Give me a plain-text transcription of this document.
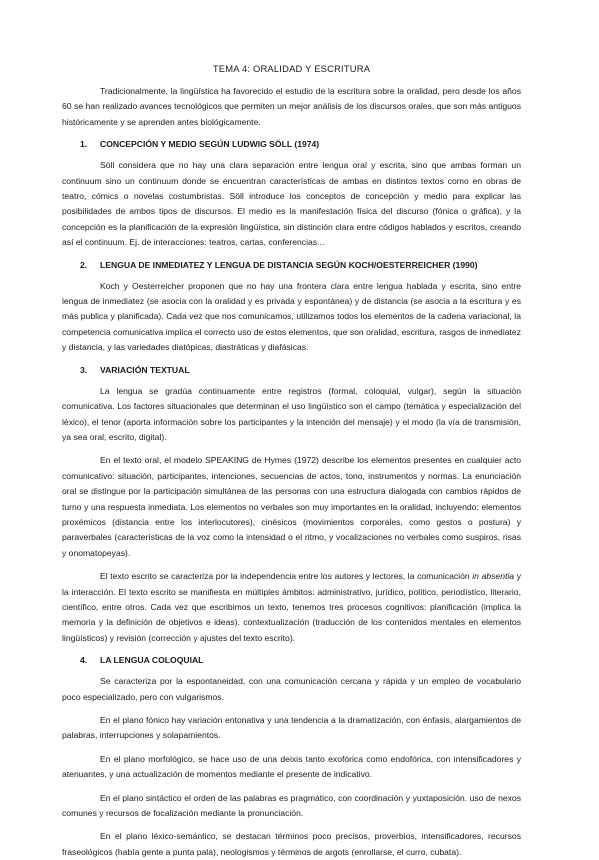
TEMA 4: ORALIDAD Y ESCRITURA

Tradicionalmente, la lingüística ha favorecido el estudio de la escritura sobre la oralidad, pero desde los años 60 se han realizado avances tecnológicos que permiten un mejor análisis de los discursos orales, que son más antiguos históricamente y se aprenden antes biológicamente.

1.	CONCEPCIÓN Y MEDIO SEGÚN LUDWIG SÖLL (1974)

Söll considera que no hay una clara separación entre lengua oral y escrita, sino que ambas forman un continuum sino un continuum donde se encuentran características de ambas en distintos textos como en obras de teatro, cómics o novelas costumbristas. Söll introduce los conceptos de concepción y medio para explicar las posibilidades de ambos tipos de discursos. El medio es la manifestación física del discurso (fónica o gráfica), y la concepción es la planificación de la expresión lingüística, sin distinción clara entre códigos hablados y escritos, creando así el continuum. Ej. de interacciones: teatros, cartas, conferencias...

2.	LENGUA DE INMEDIATEZ Y LENGUA DE DISTANCIA SEGÚN KOCH/OESTERREICHER (1990)

Koch y Oesterreicher proponen que no hay una frontera clara entre lengua hablada y escrita, sino entre lengua de inmediatez (se asocia con la oralidad y es privada y espontánea) y de distancia (se asocia a la escritura y es más publica y planificada). Cada vez que nos comunicamos, utilizamos todos los elementos de la cadena variacional, la competencia comunicativa implica el correcto uso de estos elementos, que son oralidad, escritura, rasgos de inmediatez y distancia, y las variedades diatópicas, diastráticas y diafásicas.

3.	VARIACIÓN TEXTUAL

La lengua se gradúa continuamente entre registros (formal, coloquial, vulgar), según la situación comunicativa. Los factores situacionales que determinan el uso lingüístico son el campo (temática y especialización del léxico), el tenor (aporta información sobre los participantes y la intención del mensaje) y el modo (la vía de transmisión, ya sea oral, escrito, digital).

En el texto oral, el modelo SPEAKING de Hymes (1972) describe los elementos presentes en cualquier acto comunicativo: situación, participantes, intenciones, secuencias de actos, tono, instrumentos y normas. La enunciación oral se distingue por la participación simultánea de las personas con una estructura dialogada con cambios rápidos de turno y una respuesta inmediata. Los elementos no verbales son muy importantes en la oralidad, incluyendo: elementos proxémicos (distancia entre los interlocutores), cinésicos (movimientos corporales, como gestos o postura) y paraverbales (características de la voz como la intensidad o el ritmo, y vocalizaciones no verbales como suspiros, risas y onomatopeyas).

El texto escrito se caracteriza por la independencia entre los autores y lectores, la comunicación in absentia y la interacción. El texto escrito se manifiesta en múltiples ámbitos: administrativo, jurídico, político, periodístico, literario, científico, entre otros. Cada vez que escribimos un texto, tenemos tres procesos cognitivos: planificación (implica la memoria y la definición de objetivos e ideas), contextualización (traducción de los contenidos mentales en elementos lingüísticos) y revisión (corrección y ajustes del texto escrito).

4.	LA LENGUA COLOQUIAL

Se caracteriza por la espontaneidad, con una comunicación cercana y rápida y un empleo de vocabulario poco especializado, pero con vulgarismos.

En el plano fónico hay variación entonativa y una tendencia a la dramatización, con énfasis, alargamientos de palabras, interrupciones y solapamientos.

En el plano morfológico, se hace uso de una deixis tanto exofórica como endofórica, con intensificadores y atenuantes, y una actualización de momentos mediante el presente de indicativo.

En el plano sintáctico el orden de las palabras es pragmático, con coordinación y yuxtaposición. uso de nexos comunes y recursos de focalización mediante la pronunciación.

En el plano léxico-semántico, se destacan términos poco precisos, proverbios, intensificadores, recursos fraseológicos (había gente a punta pala), neologismos y términos de argots (enrollarse, el curro, cubata).
